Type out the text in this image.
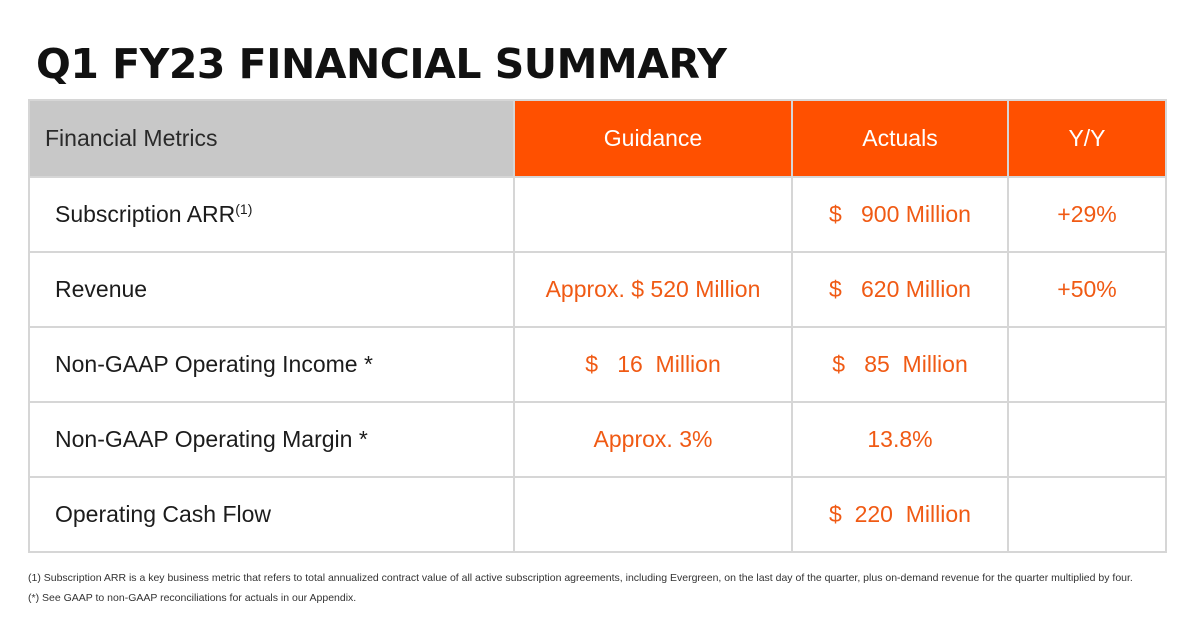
Q1 FY23 FINANCIAL SUMMARY
Financial Metrics	Guidance	Actuals	Y/Y
Subscription ARR$^{(1)}$		$   900 Million	+29%
Revenue	Approx. $ 520 Million	$   620 Million	+50%
Non-GAAP Operating Income *	$   16  Million	$   85  Million	
Non-GAAP Operating Margin *	Approx. 3%	13.8%	
Operating Cash Flow		$  220  Million	
(1) Subscription ARR is a key business metric that refers to total annualized contract value of all active subscription agreements, including Evergreen, on the last day of the quarter, plus on-demand revenue for the quarter multiplied by four.
(*) See GAAP to non-GAAP reconciliations for actuals in our Appendix.
